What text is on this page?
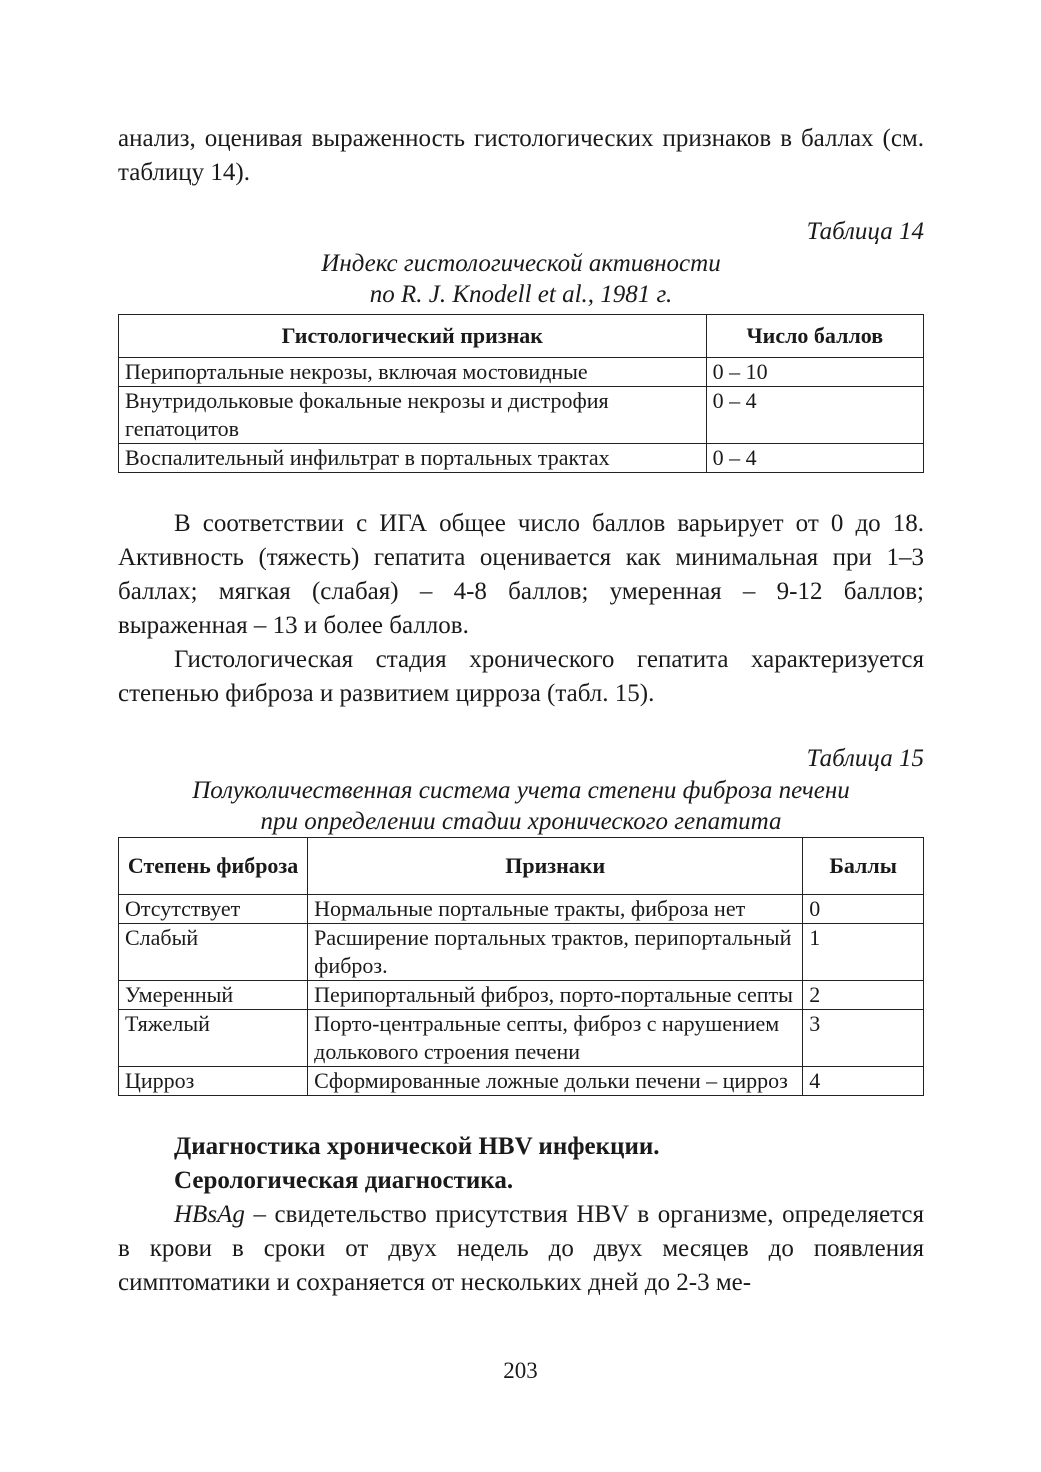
анализ, оценивая выраженность гистологических признаков в баллах (см. таблицу 14).

Таблица 14
Индекс гистологической активности
по R. J. Knodell et al., 1981 г.
Гистологический признак	Число баллов
Перипортальные некрозы, включая мостовидные	0 – 10
Внутридольковые фокальные некрозы и дистрофия гепатоцитов	0 – 4
Воспалительный инфильтрат в портальных трактах	0 – 4

В соответствии с ИГА общее число баллов варьирует от 0 до 18. Активность (тяжесть) гепатита оценивается как минимальная при 1–3 баллах; мягкая (слабая) – 4-8 баллов; умеренная – 9-12 баллов; выраженная – 13 и более баллов.

Гистологическая стадия хронического гепатита характеризуется степенью фиброза и развитием цирроза (табл. 15).

Таблица 15
Полуколичественная система учета степени фиброза печени
при определении стадии хронического гепатита
Степень фиброза	Признаки	Баллы
Отсутствует	Нормальные портальные тракты, фиброза нет	0
Слабый	Расширение портальных трактов, перипортальный фиброз.	1
Умеренный	Перипортальный фиброз, порто-портальные септы	2
Тяжелый	Порто-центральные септы, фиброз с нарушением долькового строения печени	3
Цирроз	Сформированные ложные дольки печени – цирроз	4
Диагностика хронической HBV инфекции.
Серологическая диагностика.

HBsAg – свидетельство присутствия HBV в организме, определяется в крови в сроки от двух недель до двух месяцев до появления симптоматики и сохраняется от нескольких дней до 2-3 ме-

203
